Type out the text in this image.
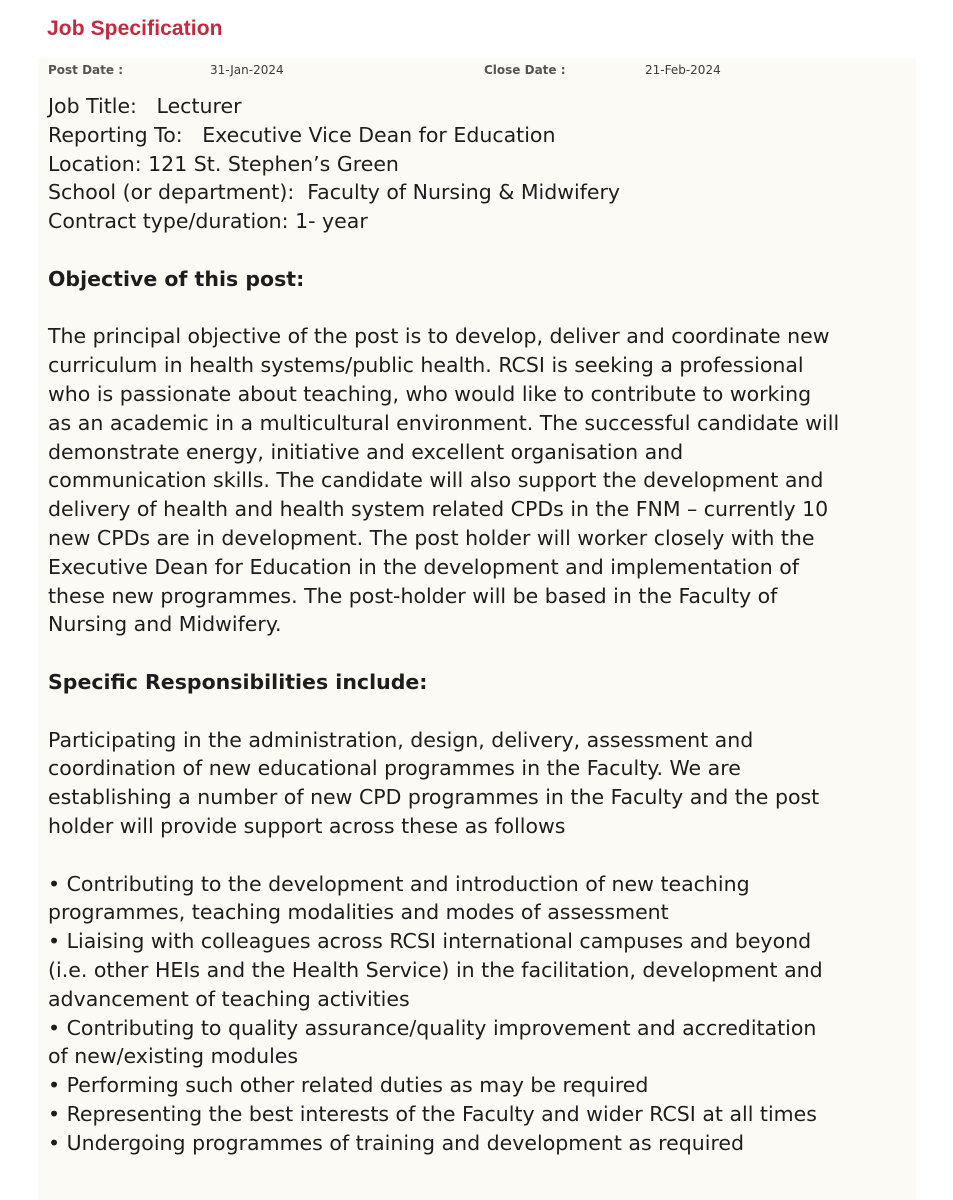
Job Specification
Post Date :	31-Jan-2024	Close Date :	21-Feb-2024

Job Title:   Lecturer

Reporting To:   Executive Vice Dean for Education

Location: 121 St. Stephen’s Green

School (or department):  Faculty of Nursing & Midwifery

Contract type/duration: 1- year

Objective of this post:

The principal objective of the post is to develop, deliver and coordinate new

curriculum in health systems/public health. RCSI is seeking a professional

who is passionate about teaching, who would like to contribute to working

as an academic in a multicultural environment. The successful candidate will

demonstrate energy, initiative and excellent organisation and

communication skills. The candidate will also support the development and

delivery of health and health system related CPDs in the FNM – currently 10

new CPDs are in development. The post holder will worker closely with the

Executive Dean for Education in the development and implementation of

these new programmes. The post-holder will be based in the Faculty of

Nursing and Midwifery.

Specific Responsibilities include:

Participating in the administration, design, delivery, assessment and

coordination of new educational programmes in the Faculty. We are

establishing a number of new CPD programmes in the Faculty and the post

holder will provide support across these as follows

• Contributing to the development and introduction of new teaching

programmes, teaching modalities and modes of assessment

• Liaising with colleagues across RCSI international campuses and beyond

(i.e. other HEIs and the Health Service) in the facilitation, development and

advancement of teaching activities

• Contributing to quality assurance/quality improvement and accreditation

of new/existing modules

• Performing such other related duties as may be required

• Representing the best interests of the Faculty and wider RCSI at all times

• Undergoing programmes of training and development as required
